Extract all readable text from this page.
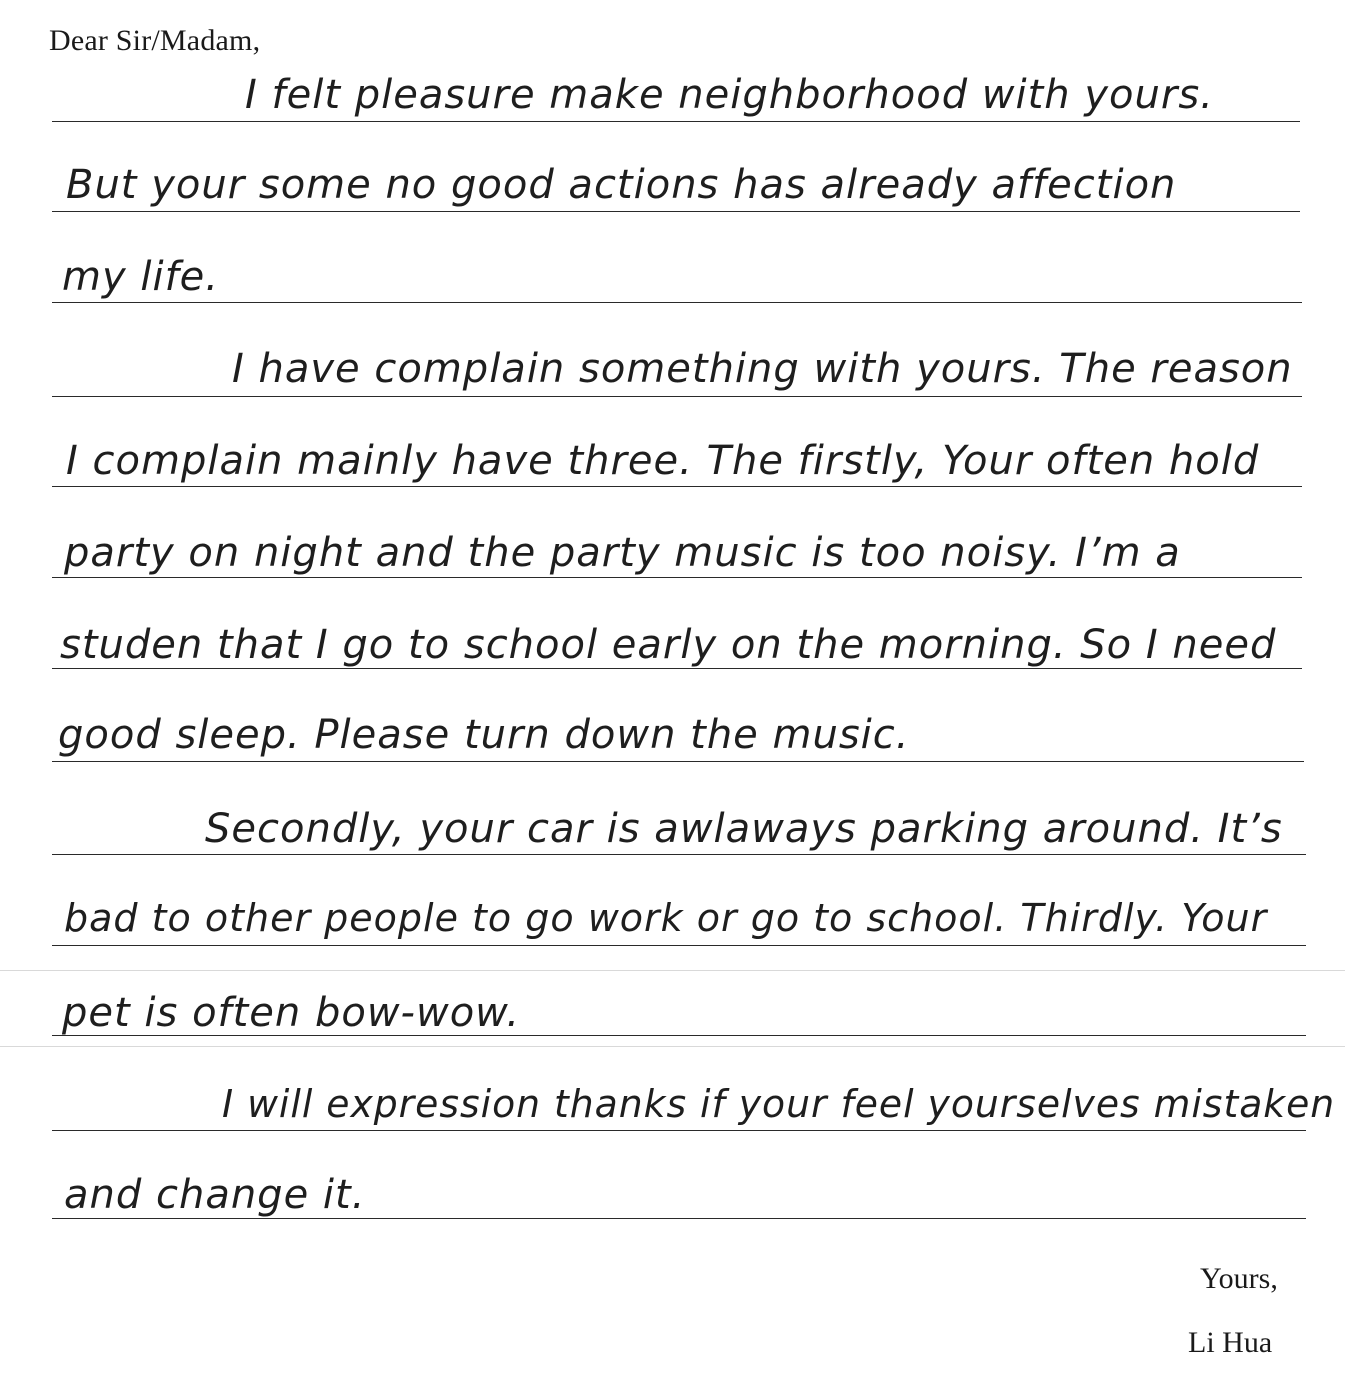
Dear Sir/Madam,
I felt pleasure make neighborhood with yours.
But your some no good actions has already affection
my life.
I have complain something with yours. The reason
I complain mainly have three. The firstly, Your often hold
party on night and the party music is too noisy. I’m a
studen that I go to school early on the morning. So I need
good sleep. Please turn down the music.
Secondly, your car is awlaways parking around. It’s
bad to other people to go work or go to school. Thirdly. Your
pet is often bow-wow.
I will expression thanks if your feel yourselves mistaken
and change it.
Yours,
Li Hua
